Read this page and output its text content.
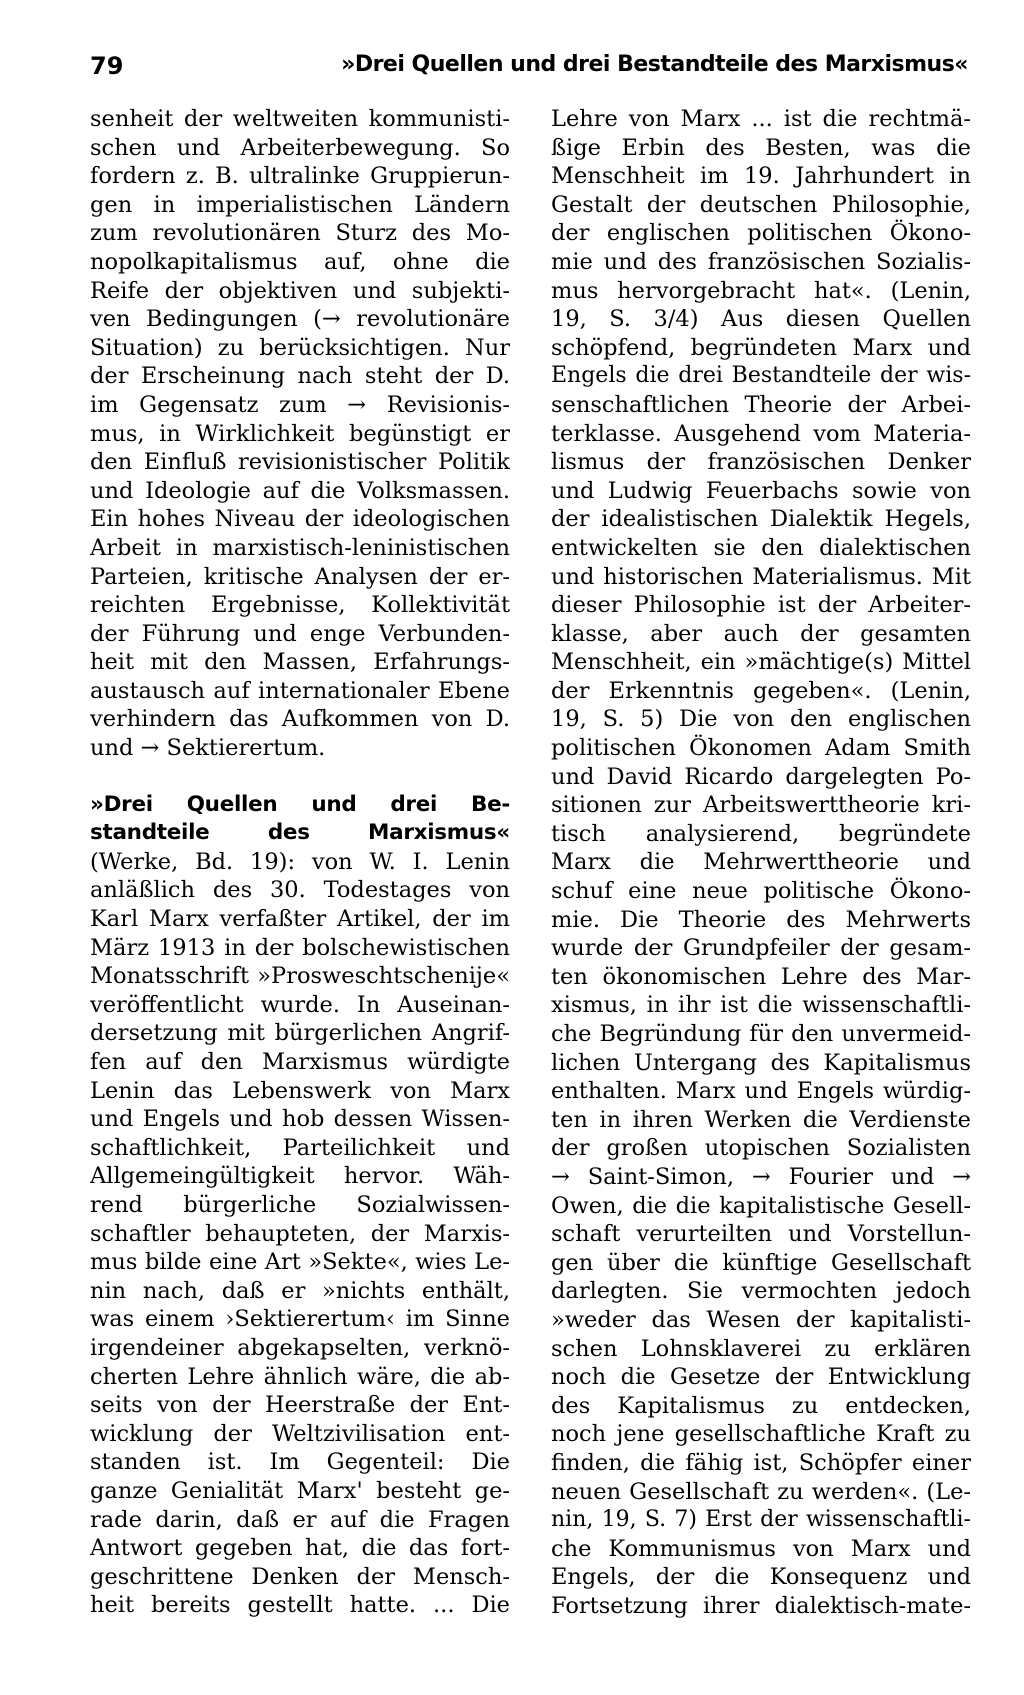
79	»Drei Quellen und drei Bestandteile des Marxismus«
senheit der weltweiten kommunisti-
schen und Arbeiterbewegung. So
fordern z. B. ultralinke Gruppierun-
gen in imperialistischen Ländern
zum revolutionären Sturz des Mo-
nopolkapitalismus auf, ohne die
Reife der objektiven und subjekti-
ven Bedingungen (→ revolutionäre
Situation) zu berücksichtigen. Nur
der Erscheinung nach steht der D.
im Gegensatz zum → Revisionis-
mus, in Wirklichkeit begünstigt er
den Einfluß revisionistischer Politik
und Ideologie auf die Volksmassen.
Ein hohes Niveau der ideologischen
Arbeit in marxistisch-leninistischen
Parteien, kritische Analysen der er-
reichten Ergebnisse, Kollektivität
der Führung und enge Verbunden-
heit mit den Massen, Erfahrungs-
austausch auf internationaler Ebene
verhindern das Aufkommen von D.
und → Sektierertum.
»Drei Quellen und drei Be-
standteile des Marxismus«
(Werke, Bd. 19): von W. I. Lenin
anläßlich des 30. Todestages von
Karl Marx verfaßter Artikel, der im
März 1913 in der bolschewistischen
Monatsschrift »Prosweschtschenije«
veröffentlicht wurde. In Auseinan-
dersetzung mit bürgerlichen Angrif-
fen auf den Marxismus würdigte
Lenin das Lebenswerk von Marx
und Engels und hob dessen Wissen-
schaftlichkeit, Parteilichkeit und
Allgemeingültigkeit hervor. Wäh-
rend bürgerliche Sozialwissen-
schaftler behaupteten, der Marxis-
mus bilde eine Art »Sekte«, wies Le-
nin nach, daß er »nichts enthält,
was einem ›Sektierertum‹ im Sinne
irgendeiner abgekapselten, verknö-
cherten Lehre ähnlich wäre, die ab-
seits von der Heerstraße der Ent-
wicklung der Weltzivilisation ent-
standen ist. Im Gegenteil: Die
ganze Genialität Marx' besteht ge-
rade darin, daß er auf die Fragen
Antwort gegeben hat, die das fort-
geschrittene Denken der Mensch-
heit bereits gestellt hatte. ... Die
Lehre von Marx ... ist die rechtmä-
ßige Erbin des Besten, was die
Menschheit im 19. Jahrhundert in
Gestalt der deutschen Philosophie,
der englischen politischen Ökono-
mie und des französischen Sozialis-
mus hervorgebracht hat«. (Lenin,
19, S. 3/4) Aus diesen Quellen
schöpfend, begründeten Marx und
Engels die drei Bestandteile der wis-
senschaftlichen Theorie der Arbei-
terklasse. Ausgehend vom Materia-
lismus der französischen Denker
und Ludwig Feuerbachs sowie von
der idealistischen Dialektik Hegels,
entwickelten sie den dialektischen
und historischen Materialismus. Mit
dieser Philosophie ist der Arbeiter-
klasse, aber auch der gesamten
Menschheit, ein »mächtige(s) Mittel
der Erkenntnis gegeben«. (Lenin,
19, S. 5) Die von den englischen
politischen Ökonomen Adam Smith
und David Ricardo dargelegten Po-
sitionen zur Arbeitswerttheorie kri-
tisch analysierend, begründete
Marx die Mehrwerttheorie und
schuf eine neue politische Ökono-
mie. Die Theorie des Mehrwerts
wurde der Grundpfeiler der gesam-
ten ökonomischen Lehre des Mar-
xismus, in ihr ist die wissenschaftli-
che Begründung für den unvermeid-
lichen Untergang des Kapitalismus
enthalten. Marx und Engels würdig-
ten in ihren Werken die Verdienste
der großen utopischen Sozialisten
→ Saint-Simon, → Fourier und →
Owen, die die kapitalistische Gesell-
schaft verurteilten und Vorstellun-
gen über die künftige Gesellschaft
darlegten. Sie vermochten jedoch
»weder das Wesen der kapitalisti-
schen Lohnsklaverei zu erklären
noch die Gesetze der Entwicklung
des Kapitalismus zu entdecken,
noch jene gesellschaftliche Kraft zu
finden, die fähig ist, Schöpfer einer
neuen Gesellschaft zu werden«. (Le-
nin, 19, S. 7) Erst der wissenschaftli-
che Kommunismus von Marx und
Engels, der die Konsequenz und
Fortsetzung ihrer dialektisch-mate-
